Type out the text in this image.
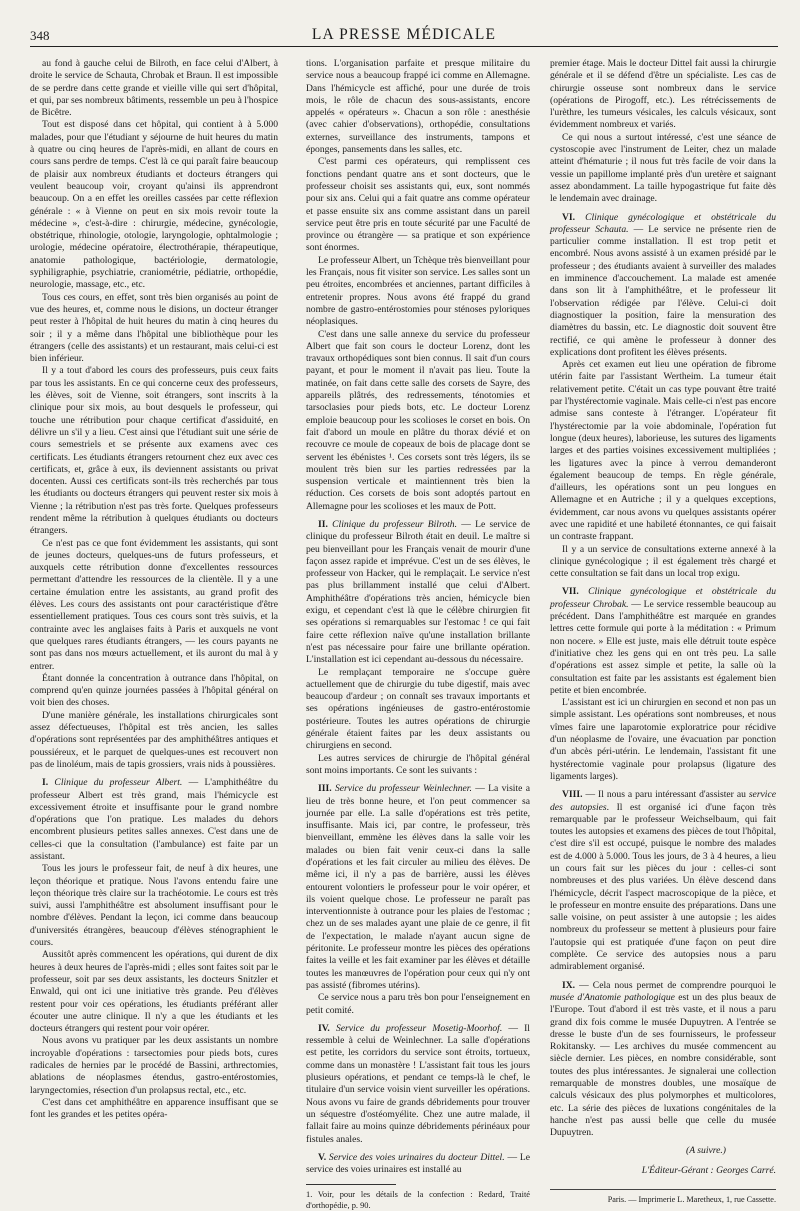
348	LA PRESSE MÉDICALE

au fond à gauche celui de Bilroth, en face celui d'Albert, à droite le service de Schauta, Chrobak et Braun. Il est impossible de se perdre dans cette grande et vieille ville qui sert d'hôpital, et qui, par ses nombreux bâtiments, ressemble un peu à l'hospice de Bicêtre.

Tout est disposé dans cet hôpital, qui contient à à 5.000 malades, pour que l'étudiant y séjourne de huit heures du matin à quatre ou cinq heures de l'après-midi, en allant de cours en cours sans perdre de temps. C'est là ce qui paraît faire beaucoup de plaisir aux nombreux étudiants et docteurs étrangers qui veulent beaucoup voir, croyant qu'ainsi ils apprendront beaucoup. On a en effet les oreilles cassées par cette réflexion générale : « à Vienne on peut en six mois revoir toute la médecine », c'est-à-dire : chirurgie, médecine, gynécologie, obstétrique, rhinologie, otologie, laryngologie, ophtalmologie ; urologie, médecine opératoire, électrothérapie, thérapeutique, anatomie pathologique, bactériologie, dermatologie, syphiligraphie, psychiatrie, craniométrie, pédiatrie, orthopédie, neurologie, massage, etc., etc.

Tous ces cours, en effet, sont très bien organisés au point de vue des heures, et, comme nous le disions, un docteur étranger peut rester à l'hôpital de huit heures du matin à cinq heures du soir ; il y a même dans l'hôpital une bibliothèque pour les étrangers (celle des assistants) et un restaurant, mais celui-ci est bien inférieur.

Il y a tout d'abord les cours des professeurs, puis ceux faits par tous les assistants. En ce qui concerne ceux des professeurs, les élèves, soit de Vienne, soit étrangers, sont inscrits à la clinique pour six mois, au bout desquels le professeur, qui touche une rétribution pour chaque certificat d'assiduité, en délivre un s'il y a lieu. C'est ainsi que l'étudiant suit une série de cours semestriels et se présente aux examens avec ces certificats. Les étudiants étrangers retournent chez eux avec ces certificats, et, grâce à eux, ils deviennent assistants ou privat docenten. Aussi ces certificats sont-ils très recherchés par tous les étudiants ou docteurs étrangers qui peuvent rester six mois à Vienne ; la rétribution n'est pas très forte. Quelques professeurs rendent même la rétribution à quelques étudiants ou docteurs étrangers.

Ce n'est pas ce que font évidemment les assistants, qui sont de jeunes docteurs, quelques-uns de futurs professeurs, et auxquels cette rétribution donne d'excellentes ressources permettant d'attendre les ressources de la clientèle. Il y a une certaine émulation entre les assistants, au grand profit des élèves. Les cours des assistants ont pour caractéristique d'être essentiellement pratiques. Tous ces cours sont très suivis, et la contrainte avec les anglaises faits à Paris et auxquels ne vont que quelques rares étudiants étrangers, — les cours payants ne sont pas dans nos mœurs actuellement, et ils auront du mal à y entrer.

Étant donnée la concentration à outrance dans l'hôpital, on comprend qu'en quinze journées passées à l'hôpital général on voit bien des choses.

D'une manière générale, les installations chirurgicales sont assez défectueuses, l'hôpital est très ancien, les salles d'opérations sont représentées par des amphithéâtres antiques et poussiéreux, et le parquet de quelques-unes est recouvert non pas de linoléum, mais de tapis grossiers, vrais nids à poussières.

I. Clinique du professeur Albert. — L'amphithéâtre du professeur Albert est très grand, mais l'hémicycle est excessivement étroite et insuffisante pour le grand nombre d'opérations que l'on pratique. Les malades du dehors encombrent plusieurs petites salles annexes. C'est dans une de celles-ci que la consultation (l'ambulance) est faite par un assistant.

Tous les jours le professeur fait, de neuf à dix heures, une leçon théorique et pratique. Nous l'avons entendu faire une leçon théorique très claire sur la trachéotomie. Le cours est très suivi, aussi l'amphithéâtre est absolument insuffisant pour le nombre d'élèves. Pendant la leçon, ici comme dans beaucoup d'universités étrangères, beaucoup d'élèves sténographient le cours.

Aussitôt après commencent les opérations, qui durent de dix heures à deux heures de l'après-midi ; elles sont faites soit par le professeur, soit par ses deux assistants, les docteurs Snitzler et Enwald, qui ont ici une initiative très grande. Peu d'élèves restent pour voir ces opérations, les étudiants préférant aller écouter une autre clinique. Il n'y a que les étudiants et les docteurs étrangers qui restent pour voir opérer.

Nous avons vu pratiquer par les deux assistants un nombre incroyable d'opérations : tarsectomies pour pieds bots, cures radicales de hernies par le procédé de Bassini, arthrectomies, ablations de néoplasmes étendus, gastro-entérostomies, laryngectomies, résection d'un prolapsus rectal, etc., etc.

C'est dans cet amphithéâtre en apparence insuffisant que se font les grandes et les petites opéra-

tions. L'organisation parfaite et presque militaire du service nous a beaucoup frappé ici comme en Allemagne. Dans l'hémicycle est affiché, pour une durée de trois mois, le rôle de chacun des sous-assistants, encore appelés « opérateurs ». Chacun a son rôle : anesthésie (avec cahier d'observations), orthopédie, consultations externes, surveillance des instruments, tampons et éponges, pansements dans les salles, etc.

C'est parmi ces opérateurs, qui remplissent ces fonctions pendant quatre ans et sont docteurs, que le professeur choisit ses assistants qui, eux, sont nommés pour six ans. Celui qui a fait quatre ans comme opérateur et passe ensuite six ans comme assistant dans un pareil service peut être pris en toute sécurité par une Faculté de province ou étrangère — sa pratique et son expérience sont énormes.

Le professeur Albert, un Tchèque très bienveillant pour les Français, nous fit visiter son service. Les salles sont un peu étroites, encombrées et anciennes, partant difficiles à entretenir propres. Nous avons été frappé du grand nombre de gastro-entérostomies pour sténoses pyloriques néoplasiques.

C'est dans une salle annexe du service du professeur Albert que fait son cours le docteur Lorenz, dont les travaux orthopédiques sont bien connus. Il sait d'un cours payant, et pour le moment il n'avait pas lieu. Toute la matinée, on fait dans cette salle des corsets de Sayre, des appareils plâtrés, des redressements, ténotomies et tarsoclasies pour pieds bots, etc. Le docteur Lorenz emploie beaucoup pour les scolioses le corset en bois. On fait d'abord un moule en plâtre du thorax dévié et on recouvre ce moule de copeaux de bois de placage dont se servent les ébénistes ¹. Ces corsets sont très légers, ils se moulent très bien sur les parties redressées par la suspension verticale et maintiennent très bien la réduction. Ces corsets de bois sont adoptés partout en Allemagne pour les scolioses et les maux de Pott.

II. Clinique du professeur Bilroth. — Le service de clinique du professeur Bilroth était en deuil. Le maître si peu bienveillant pour les Français venait de mourir d'une façon assez rapide et imprévue. C'est un de ses élèves, le professeur von Hacker, qui le remplaçait. Le service n'est pas plus brillamment installé que celui d'Albert. Amphithéâtre d'opérations très ancien, hémicycle bien exigu, et cependant c'est là que le célèbre chirurgien fit ses opérations si remarquables sur l'estomac ! ce qui fait faire cette réflexion naïve qu'une installation brillante n'est pas nécessaire pour faire une brillante opération. L'installation est ici cependant au-dessous du nécessaire.

Le remplaçant temporaire ne s'occupe guère actuellement que de chirurgie du tube digestif, mais avec beaucoup d'ardeur ; on connaît ses travaux importants et ses opérations ingénieuses de gastro-entérostomie postérieure. Toutes les autres opérations de chirurgie générale étaient faites par les deux assistants ou chirurgiens en second.

Les autres services de chirurgie de l'hôpital général sont moins importants. Ce sont les suivants :

III. Service du professeur Weinlechner. — La visite a lieu de très bonne heure, et l'on peut commencer sa journée par elle. La salle d'opérations est très petite, insuffisante. Mais ici, par contre, le professeur, très bienveillant, emmène les élèves dans la salle voir les malades ou bien fait venir ceux-ci dans la salle d'opérations et les fait circuler au milieu des élèves. De même ici, il n'y a pas de barrière, aussi les élèves entourent volontiers le professeur pour le voir opérer, et ils voient quelque chose. Le professeur ne paraît pas interventionniste à outrance pour les plaies de l'estomac ; chez un de ses malades ayant une plaie de ce genre, il fit de l'expectation, le malade n'ayant aucun signe de péritonite. Le professeur montre les pièces des opérations faites la veille et les fait examiner par les élèves et détaille toutes les manœuvres de l'opération pour ceux qui n'y ont pas assisté (fibromes utérins).

Ce service nous a paru très bon pour l'enseignement en petit comité.

IV. Service du professeur Mosetig-Moorhof. — Il ressemble à celui de Weinlechner. La salle d'opérations est petite, les corridors du service sont étroits, tortueux, comme dans un monastère ! L'assistant fait tous les jours plusieurs opérations, et pendant ce temps-là le chef, le titulaire d'un service voisin vient surveiller les opérations. Nous avons vu faire de grands débridements pour trouver un séquestre d'ostéomyélite. Chez une autre malade, il fallait faire au moins quinze débridements périnéaux pour fistules anales.

V. Service des voies urinaires du docteur Dittel. — Le service des voies urinaires est installé au

1. Voir, pour les détails de la confection : Redard, Traité d'orthopédie, p. 90.

premier étage. Mais le docteur Dittel fait aussi la chirurgie générale et il se défend d'être un spécialiste. Les cas de chirurgie osseuse sont nombreux dans le service (opérations de Pirogoff, etc.). Les rétrécissements de l'urèthre, les tumeurs vésicales, les calculs vésicaux, sont évidemment nombreux et variés.

Ce qui nous a surtout intéressé, c'est une séance de cystoscopie avec l'instrument de Leiter, chez un malade atteint d'hématurie ; il nous fut très facile de voir dans la vessie un papillome implanté près d'un uretère et saignant assez abondamment. La taille hypogastrique fut faite dès le lendemain avec drainage.

VI. Clinique gynécologique et obstétricale du professeur Schauta. — Le service ne présente rien de particulier comme installation. Il est trop petit et encombré. Nous avons assisté à un examen présidé par le professeur ; des étudiants avaient à surveiller des malades en imminence d'accouchement. La malade est amenée dans son lit à l'amphithéâtre, et le professeur lit l'observation rédigée par l'élève. Celui-ci doit diagnostiquer la position, faire la mensuration des diamètres du bassin, etc. Le diagnostic doit souvent être rectifié, ce qui amène le professeur à donner des explications dont profitent les élèves présents.

Après cet examen eut lieu une opération de fibrome utérin faite par l'assistant Wertheim. La tumeur était relativement petite. C'était un cas type pouvant être traité par l'hystérectomie vaginale. Mais celle-ci n'est pas encore admise sans conteste à l'étranger. L'opérateur fit l'hystérectomie par la voie abdominale, l'opération fut longue (deux heures), laborieuse, les sutures des ligaments larges et des parties voisines excessivement multipliées ; les ligatures avec la pince à verrou demanderont également beaucoup de temps. En règle générale, d'ailleurs, les opérations sont un peu longues en Allemagne et en Autriche ; il y a quelques exceptions, évidemment, car nous avons vu quelques assistants opérer avec une rapidité et une habileté étonnantes, ce qui faisait un contraste frappant.

Il y a un service de consultations externe annexé à la clinique gynécologique ; il est également très chargé et cette consultation se fait dans un local trop exigu.

VII. Clinique gynécologique et obstétricale du professeur Chrobak. — Le service ressemble beaucoup au précédent. Dans l'amphithéâtre est marquée en grandes lettres cette formule qui porte à la méditation : « Primum non nocere. » Elle est juste, mais elle détruit toute espèce d'initiative chez les gens qui en ont très peu. La salle d'opérations est assez simple et petite, la salle où la consultation est faite par les assistants est également bien petite et bien encombrée.

L'assistant est ici un chirurgien en second et non pas un simple assistant. Les opérations sont nombreuses, et nous vîmes faire une laparotomie exploratrice pour récidive d'un néoplasme de l'ovaire, une évacuation par ponction d'un abcès péri-utérin. Le lendemain, l'assistant fit une hystérectomie vaginale pour prolapsus (ligature des ligaments larges).

VIII. — Il nous a paru intéressant d'assister au service des autopsies. Il est organisé ici d'une façon très remarquable par le professeur Weichselbaum, qui fait toutes les autopsies et examens des pièces de tout l'hôpital, c'est dire s'il est occupé, puisque le nombre des malades est de 4.000 à 5.000. Tous les jours, de 3 à 4 heures, a lieu un cours fait sur les pièces du jour : celles-ci sont nombreuses et des plus variées. Un élève descend dans l'hémicycle, décrit l'aspect macroscopique de la pièce, et le professeur en montre ensuite des préparations. Dans une salle voisine, on peut assister à une autopsie ; les aides nombreux du professeur se mettent à plusieurs pour faire l'autopsie qui est pratiquée d'une façon on peut dire complète. Ce service des autopsies nous a paru admirablement organisé.

IX. — Cela nous permet de comprendre pourquoi le musée d'Anatomie pathologique est un des plus beaux de l'Europe. Tout d'abord il est très vaste, et il nous a paru grand dix fois comme le musée Dupuytren. A l'entrée se dresse le buste d'un de ses fournisseurs, le professeur Rokitansky. — Les archives du musée commencent au siècle dernier. Les pièces, en nombre considérable, sont toutes des plus intéressantes. Je signalerai une collection remarquable de monstres doubles, une mosaïque de calculs vésicaux des plus polymorphes et multicolores, etc. La série des pièces de luxations congénitales de la hanche n'est pas aussi belle que celle du musée Dupuytren.

(A suivre.)

L'Éditeur-Gérant : Georges Carré.

Paris. — Imprimerie L. Maretheux, 1, rue Cassette.
